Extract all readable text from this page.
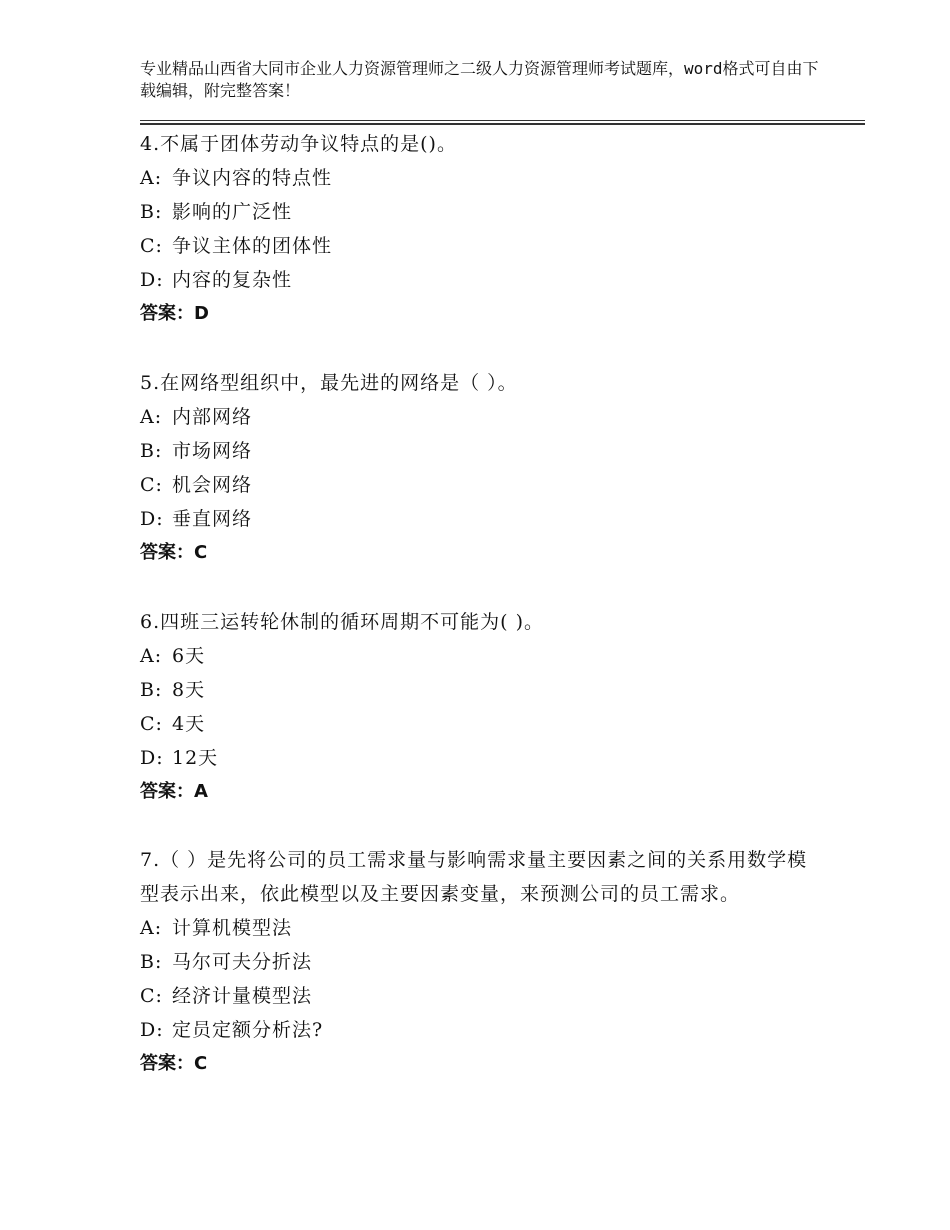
专业精品山西省大同市企业人力资源管理师之二级人力资源管理师考试题库，word格式可自由下载编辑，附完整答案！
4.不属于团体劳动争议特点的是()。
A: 争议内容的特点性
B: 影响的广泛性
C: 争议主体的团体性
D: 内容的复杂性
答案：D
5.在网络型组织中，最先进的网络是（ ）。
A: 内部网络
B: 市场网络
C: 机会网络
D: 垂直网络
答案：C
6.四班三运转轮休制的循环周期不可能为( )。
A: 6天
B: 8天
C: 4天
D: 12天
答案：A
7.（ ）是先将公司的员工需求量与影响需求量主要因素之间的关系用数学模型表示出来，依此模型以及主要因素变量，来预测公司的员工需求。
A: 计算机模型法
B: 马尔可夫分折法
C: 经济计量模型法
D: 定员定额分析法?
答案：C
